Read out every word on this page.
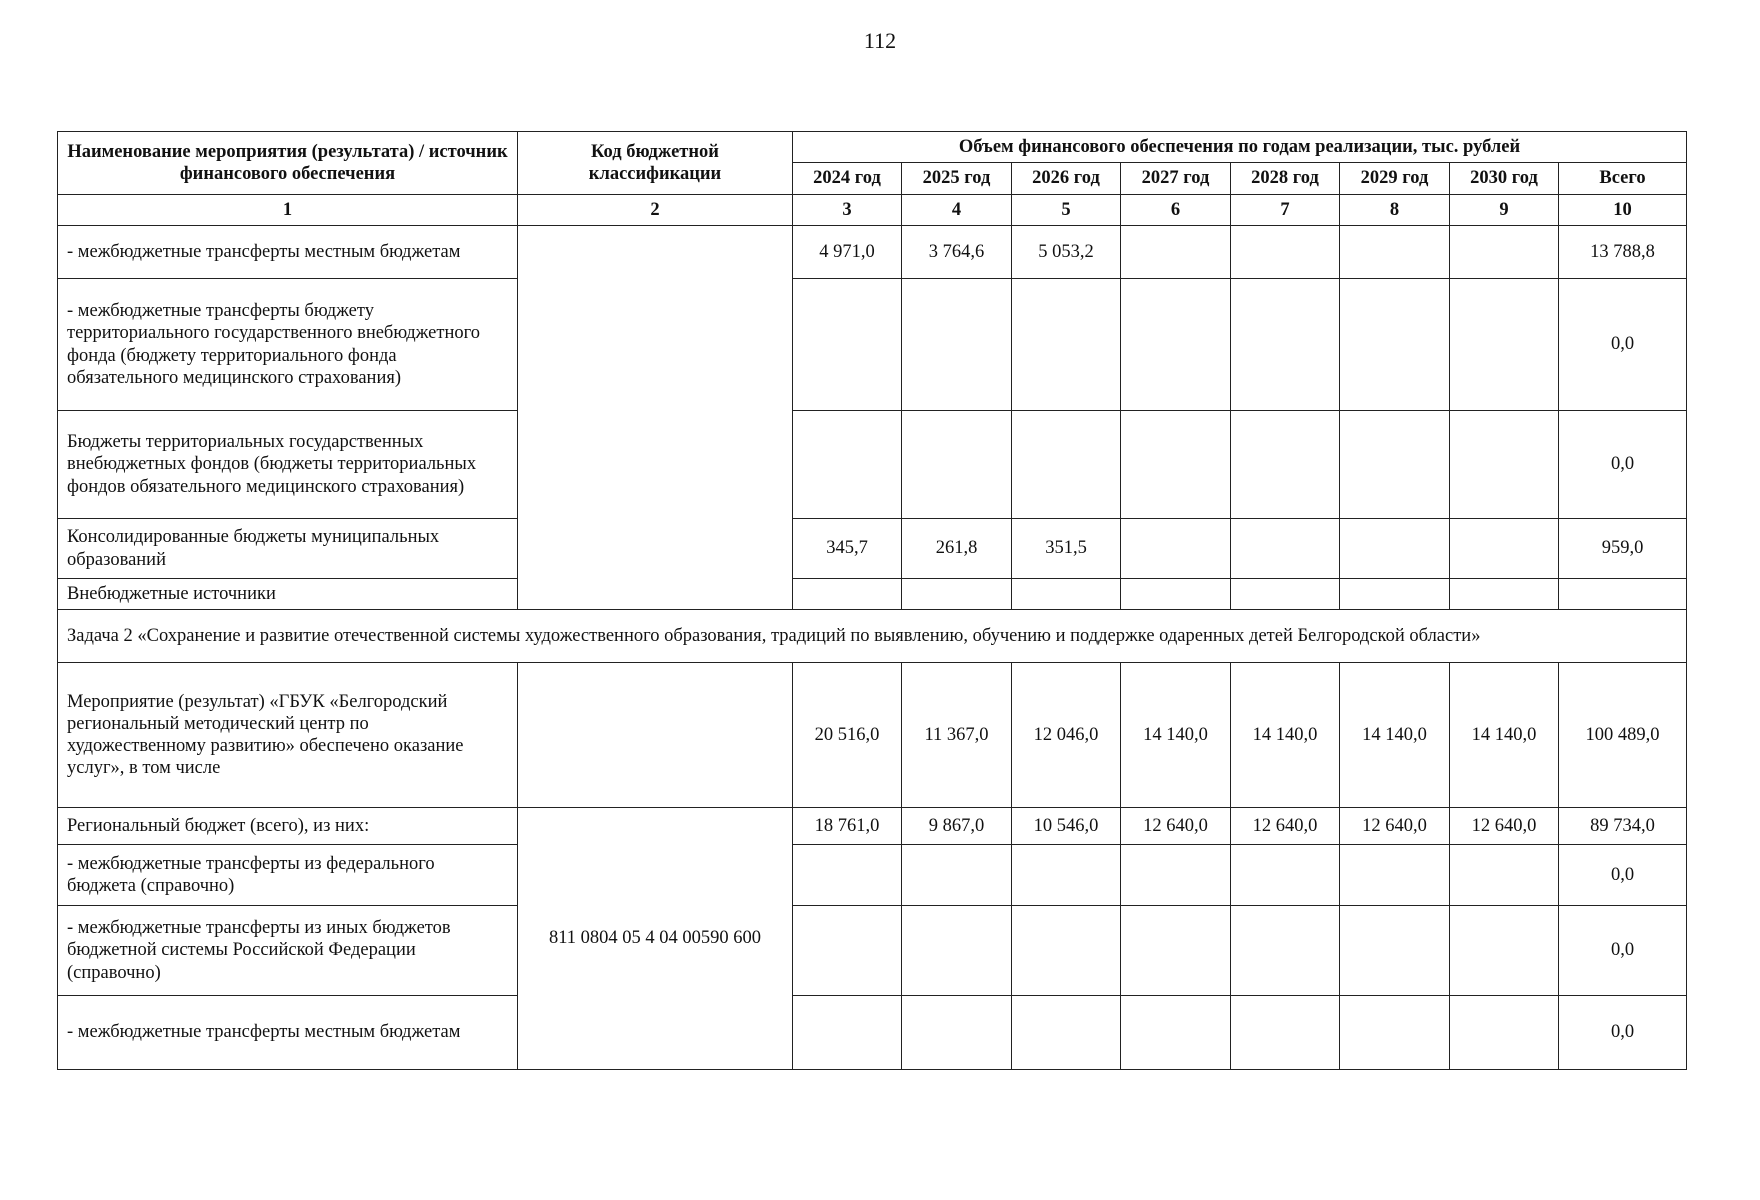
112
Наименование мероприятия (результата) / источник финансового обеспечения	Код бюджетной классификации	Объем финансового обеспечения по годам реализации, тыс. рублей							
		2024 год	2025 год	2026 год	2027 год	2028 год	2029 год	2030 год	Всего
1	2	3	4	5	6	7	8	9	10
- межбюджетные трансферты местным бюджетам		4 971,0	3 764,6	5 053,2					13 788,8
- межбюджетные трансферты бюджету территориального государственного внебюджетного фонда (бюджету территориального фонда обязательного медицинского страхования)									0,0
Бюджеты территориальных государственных внебюджетных фондов (бюджеты территориальных фондов обязательного медицинского страхования)									0,0
Консолидированные бюджеты муниципальных образований		345,7	261,8	351,5					959,0
Внебюджетные источники									
Задача 2 «Сохранение и развитие отечественной системы художественного образования, традиций по выявлению, обучению и поддержке одаренных детей Белгородской области»									
Мероприятие (результат) «ГБУК «Белгородский региональный методический центр по художественному развитию» обеспечено оказание услуг», в том числе		20 516,0	11 367,0	12 046,0	14 140,0	14 140,0	14 140,0	14 140,0	100 489,0
Региональный бюджет (всего), из них:	811 0804 05 4 04 00590 600	18 761,0	9 867,0	10 546,0	12 640,0	12 640,0	12 640,0	12 640,0	89 734,0
- межбюджетные трансферты из федерального бюджета (справочно)									0,0
- межбюджетные трансферты из иных бюджетов бюджетной системы Российской Федерации (справочно)									0,0
- межбюджетные трансферты местным бюджетам									0,0
